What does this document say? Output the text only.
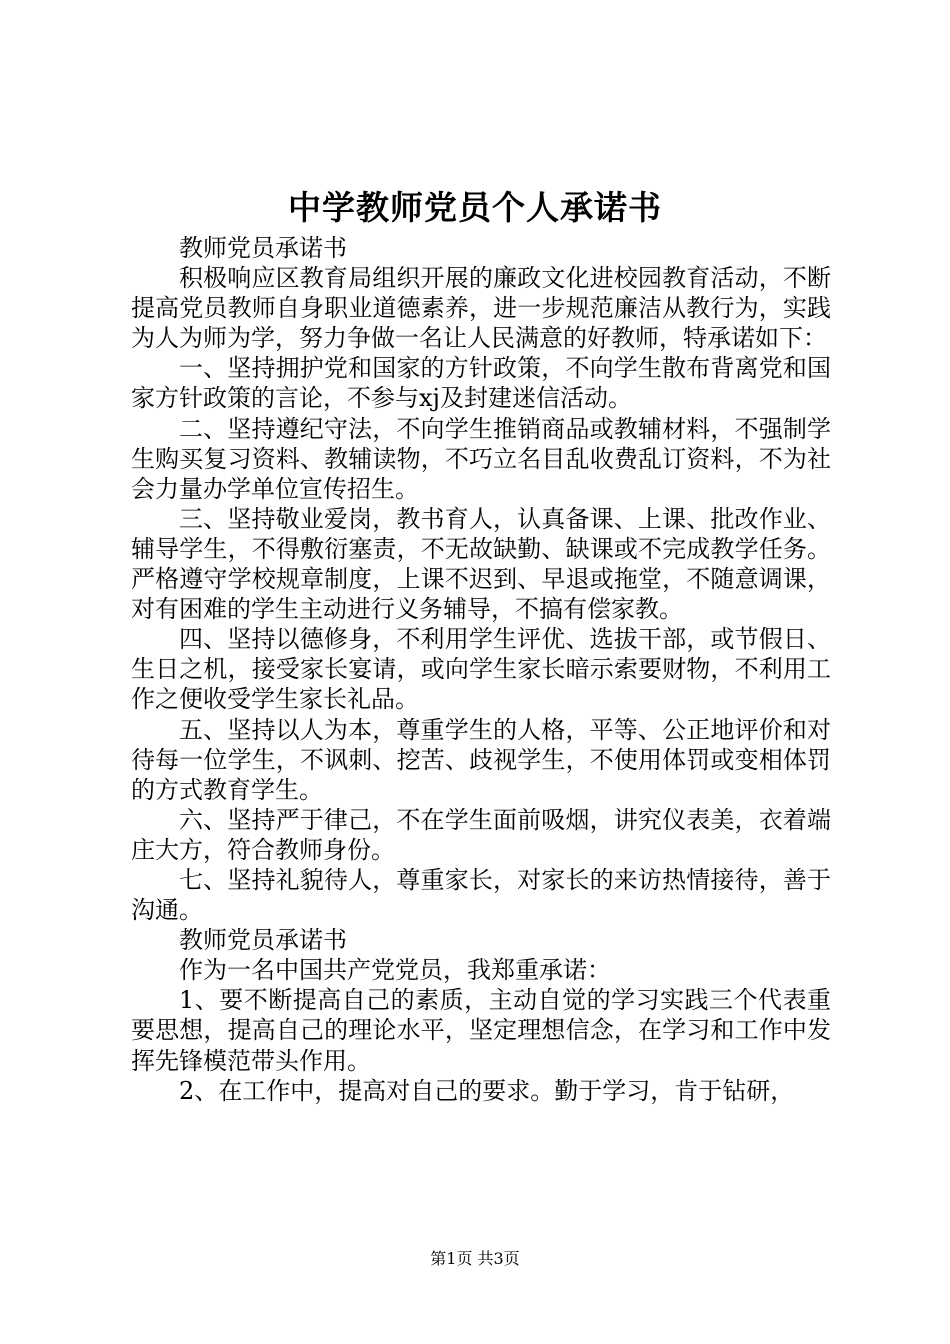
中学教师党员个人承诺书

教师党员承诺书

积极响应区教育局组织开展的廉政文化进校园教育活动，不断提高党员教师自身职业道德素养，进一步规范廉洁从教行为，实践为人为师为学，努力争做一名让人民满意的好教师，特承诺如下：

一、坚持拥护党和国家的方针政策，不向学生散布背离党和国家方针政策的言论，不参与xj及封建迷信活动。

二、坚持遵纪守法，不向学生推销商品或教辅材料，不强制学生购买复习资料、教辅读物，不巧立名目乱收费乱订资料，不为社会力量办学单位宣传招生。

三、坚持敬业爱岗，教书育人，认真备课、上课、批改作业、辅导学生，不得敷衍塞责，不无故缺勤、缺课或不完成教学任务。严格遵守学校规章制度，上课不迟到、早退或拖堂，不随意调课，对有困难的学生主动进行义务辅导，不搞有偿家教。

四、坚持以德修身，不利用学生评优、选拔干部，或节假日、生日之机，接受家长宴请，或向学生家长暗示索要财物，不利用工作之便收受学生家长礼品。

五、坚持以人为本，尊重学生的人格，平等、公正地评价和对待每一位学生，不讽刺、挖苦、歧视学生，不使用体罚或变相体罚的方式教育学生。

六、坚持严于律己，不在学生面前吸烟，讲究仪表美，衣着端庄大方，符合教师身份。

七、坚持礼貌待人，尊重家长，对家长的来访热情接待，善于沟通。

教师党员承诺书

作为一名中国共产党党员，我郑重承诺：

1、要不断提高自己的素质，主动自觉的学习实践三个代表重要思想，提高自己的理论水平，坚定理想信念，在学习和工作中发挥先锋模范带头作用。

2、在工作中，提高对自己的要求。勤于学习，肯于钻研，

第1页 共3页
